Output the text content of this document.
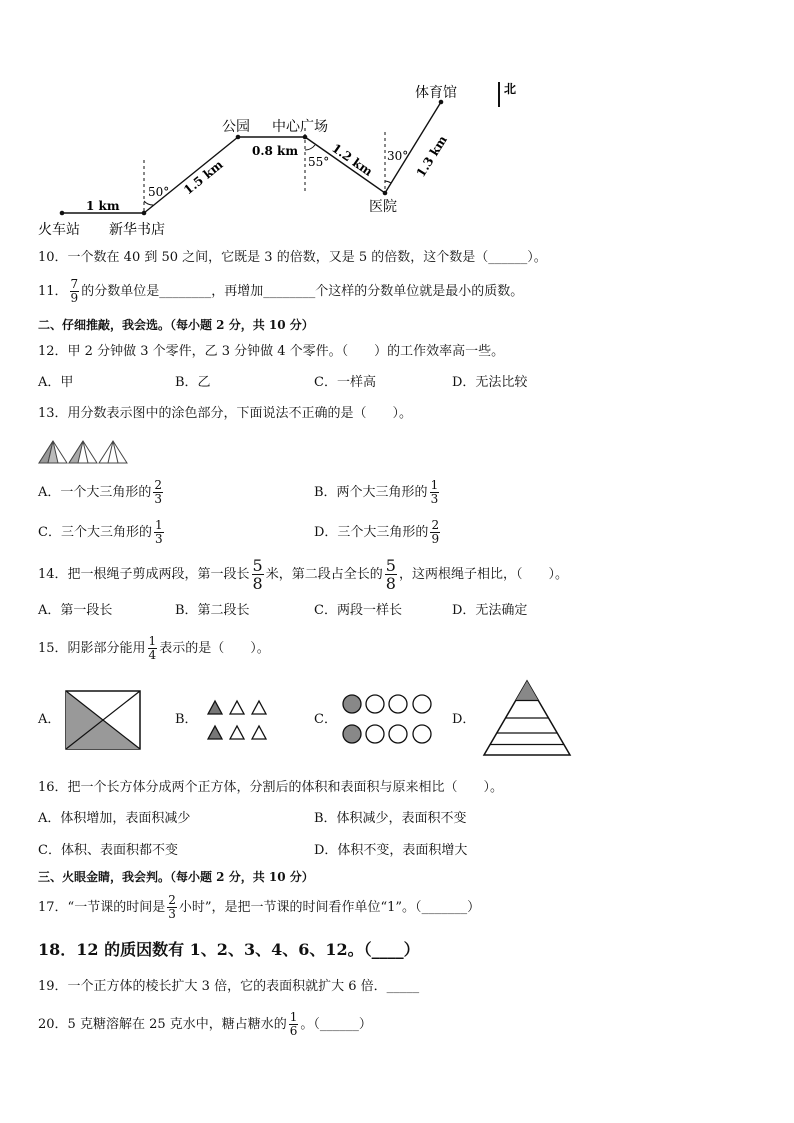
北
火车站 新华书店
公园 中心广场
医院
体育馆
1 km
1.5 km
0.8 km	1.2 km	1.3 km
50°
55°	30°
10．一个数在 40 到 50 之间，它既是 3 的倍数，又是 5 的倍数，这个数是（______）。
11． $\frac{7}{9}$ 的分数单位是________，再增加________个这样的分数单位就是最小的质数。
二、仔细推敲，我会选。（每小题 2 分，共 10 分）
12．甲 2 分钟做 3 个零件，乙 3 分钟做 4 个零件。（　　）的工作效率高一些。
A．甲	B．乙	C．一样高	D．无法比较
13．用分数表示图中的涂色部分，下面说法不正确的是（　　）。
A．一个大三角形的 $\frac{2}{3}$	B．两个大三角形的 $\frac{1}{3}$
C．三个大三角形的 $\frac{1}{3}$	D．三个大三角形的 $\frac{2}{9}$
14．把一根绳子剪成两段，第一段长 $\frac{5}{8}$ 米，第二段占全长的 $\frac{5}{8}$ ，这两根绳子相比，（　　）。
A．第一段长	B．第二段长	C．两段一样长	D．无法确定
15．阴影部分能用 $\frac{1}{4}$ 表示的是（　　）。
A．	B．	C．	D．
16．把一个长方体分成两个正方体，分割后的体积和表面积与原来相比（　　）。
A．体积增加，表面积减少	B．体积减少，表面积不变
C．体积、表面积都不变	D．体积不变，表面积增大
三、火眼金睛，我会判。（每小题 2 分，共 10 分）
17．“一节课的时间是 $\frac{2}{3}$ 小时”，是把一节课的时间看作单位“1”。（_______）
18．12 的质因数有 1、2、3、4、6、12。（____）
19．一个正方体的棱长扩大 3 倍，它的表面积就扩大 6 倍．_____
20．5 克糖溶解在 25 克水中，糖占糖水的 $\frac{1}{6}$ 。（______）
